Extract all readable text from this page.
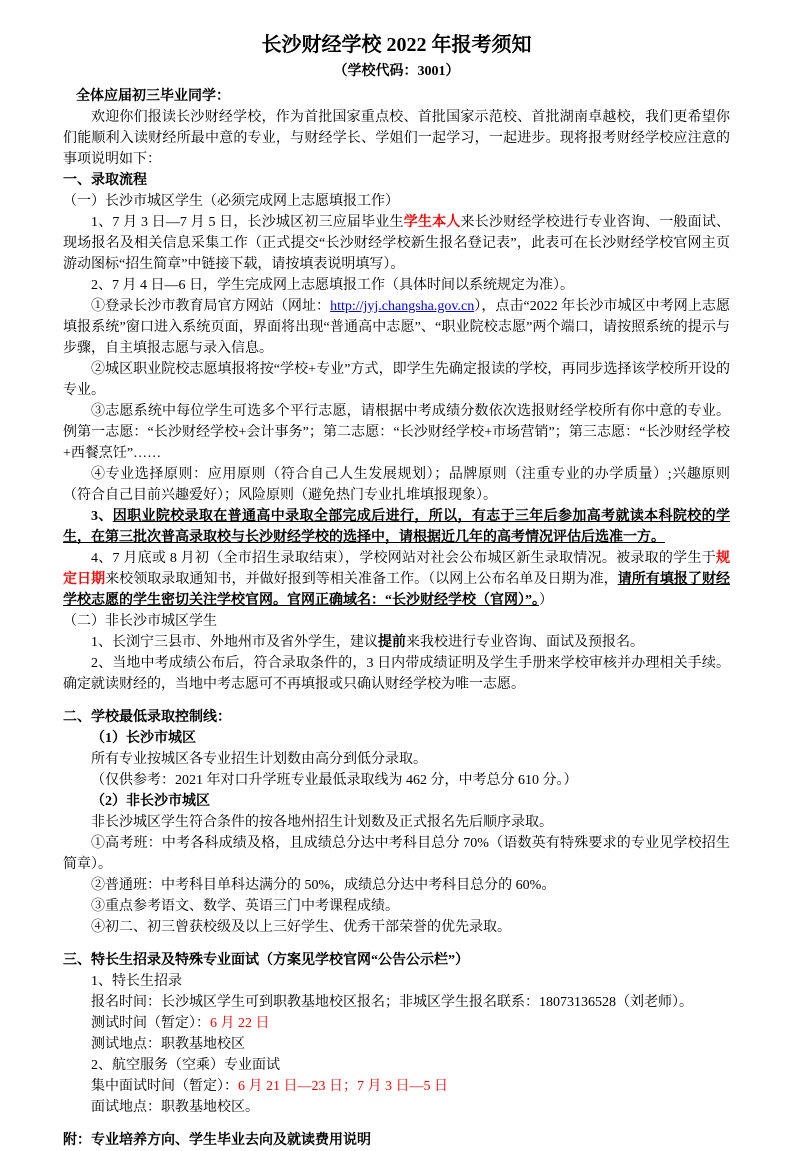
长沙财经学校 2022 年报考须知
（学校代码：3001）
全体应届初三毕业同学：
欢迎你们报读长沙财经学校，作为首批国家重点校、首批国家示范校、首批湖南卓越校，我们更希望你们能顺利入读财经所最中意的专业，与财经学长、学姐们一起学习，一起进步。现将报考财经学校应注意的事项说明如下：
一、录取流程
（一）长沙市城区学生（必须完成网上志愿填报工作）
1、7 月 3 日—7 月 5 日，长沙城区初三应届毕业生学生本人来长沙财经学校进行专业咨询、一般面试、现场报名及相关信息采集工作（正式提交“长沙财经学校新生报名登记表”，此表可在长沙财经学校官网主页游动图标“招生简章”中链接下载，请按填表说明填写）。
2、7 月 4 日—6 日，学生完成网上志愿填报工作（具体时间以系统规定为准）。
①登录长沙市教育局官方网站（网址：http://jyj.changsha.gov.cn），点击“2022 年长沙市城区中考网上志愿填报系统”窗口进入系统页面，界面将出现“普通高中志愿”、“职业院校志愿”两个端口，请按照系统的提示与步骤，自主填报志愿与录入信息。
②城区职业院校志愿填报将按“学校+专业”方式，即学生先确定报读的学校，再同步选择该学校所开设的专业。
③志愿系统中每位学生可选多个平行志愿，请根据中考成绩分数依次选报财经学校所有你中意的专业。例第一志愿：“长沙财经学校+会计事务”；第二志愿：“长沙财经学校+市场营销”；第三志愿：“长沙财经学校+西餐烹饪”……
④专业选择原则：应用原则（符合自己人生发展规划）；品牌原则（注重专业的办学质量）;兴趣原则（符合自己目前兴趣爱好）；风险原则（避免热门专业扎堆填报现象）。
3、因职业院校录取在普通高中录取全部完成后进行，所以，有志于三年后参加高考就读本科院校的学生，在第三批次普高录取校与长沙财经学校的选择中，请根据近几年的高考情况评估后选准一方。
4、7 月底或 8 月初（全市招生录取结束），学校网站对社会公布城区新生录取情况。被录取的学生于规定日期来校领取录取通知书，并做好报到等相关准备工作。（以网上公布名单及日期为准，请所有填报了财经学校志愿的学生密切关注学校官网。官网正确域名：“长沙财经学校（官网）”。）
（二）非长沙市城区学生
1、长浏宁三县市、外地州市及省外学生，建议提前来我校进行专业咨询、面试及预报名。
2、当地中考成绩公布后，符合录取条件的，3 日内带成绩证明及学生手册来学校审核并办理相关手续。确定就读财经的，当地中考志愿可不再填报或只确认财经学校为唯一志愿。
二、学校最低录取控制线：
（1）长沙市城区
所有专业按城区各专业招生计划数由高分到低分录取。
（仅供参考：2021 年对口升学班专业最低录取线为 462 分，中考总分 610 分。）
（2）非长沙市城区
非长沙城区学生符合条件的按各地州招生计划数及正式报名先后顺序录取。
①高考班：中考各科成绩及格，且成绩总分达中考科目总分 70%（语数英有特殊要求的专业见学校招生简章）。
②普通班：中考科目单科达满分的 50%，成绩总分达中考科目总分的 60%。
③重点参考语文、数学、英语三门中考课程成绩。
④初二、初三曾获校级及以上三好学生、优秀干部荣誉的优先录取。
三、特长生招录及特殊专业面试（方案见学校官网“公告公示栏”）
1、特长生招录
报名时间：长沙城区学生可到职教基地校区报名；非城区学生报名联系：18073136528（刘老师）。
测试时间（暂定）：6 月 22 日
测试地点：职教基地校区
2、航空服务（空乘）专业面试
集中面试时间（暂定）：6 月 21 日—23 日；7 月 3 日—5 日
面试地点：职教基地校区。
附：专业培养方向、学生毕业去向及就读费用说明
